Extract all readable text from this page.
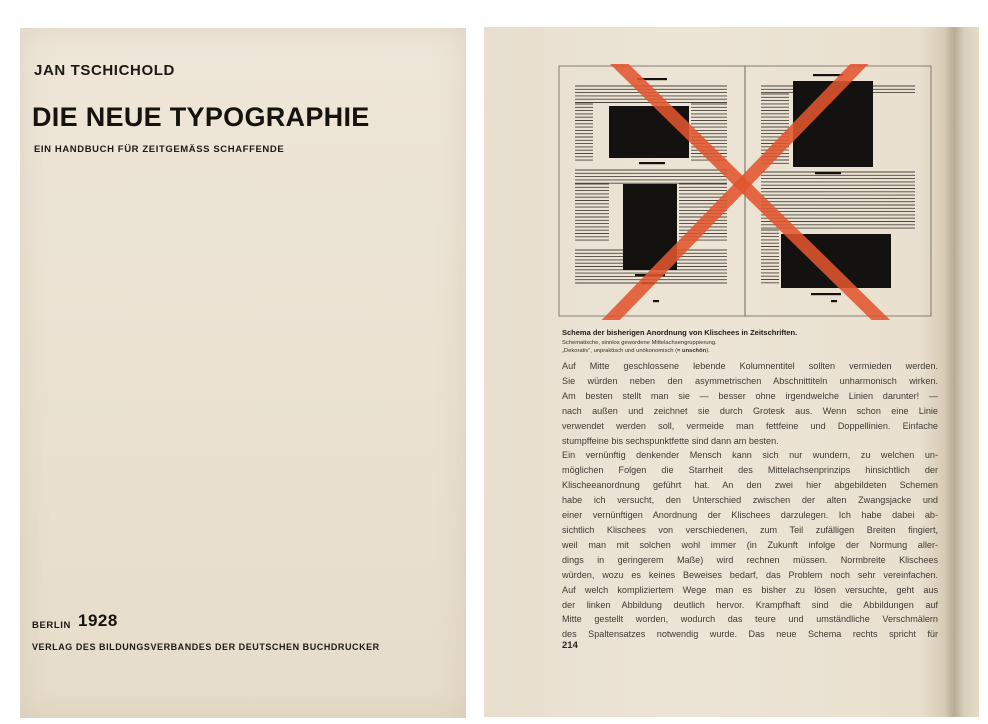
JAN TSCHICHOLD
DIE NEUE TYPOGRAPHIE
EIN HANDBUCH FÜR ZEITGEMÄSS SCHAFFENDE
BERLIN 1928
VERLAG DES BILDUNGSVERBANDES DER DEUTSCHEN BUCHDRUCKER
Schema der bisherigen Anordnung von Klischees in Zeitschriften.
Schematische, sinnlos gewordene Mittelachsengruppierung.
„Dekorativ“, unpraktisch und unökonomisch (= unschön).
Auf Mitte geschlossene lebende Kolumnentitel sollten vermieden werden.
Sie würden neben den asymmetrischen Abschnittiteln unharmonisch wirken.
Am besten stellt man sie — besser ohne irgendwelche Linien darunter! —
nach außen und zeichnet sie durch Grotesk aus. Wenn schon eine Linie
verwendet werden soll, vermeide man fettfeine und Doppellinien. Einfache
stumpffeine bis sechspunktfette sind dann am besten.
Ein vernünftig denkender Mensch kann sich nur wundern, zu welchen un-
möglichen Folgen die Starrheit des Mittelachsenprinzips hinsichtlich der
Klischeeanordnung geführt hat. An den zwei hier abgebildeten Schemen
habe ich versucht, den Unterschied zwischen der alten Zwangsjacke und
einer vernünftigen Anordnung der Klischees darzulegen. Ich habe dabei ab-
sichtlich Klischees von verschiedenen, zum Teil zufälligen Breiten fingiert,
weil man mit solchen wohl immer (in Zukunft infolge der Normung aller-
dings in geringerem Maße) wird rechnen müssen. Normbreite Klischees
würden, wozu es keines Beweises bedarf, das Problem noch sehr vereinfachen.
Auf welch kompliziertem Wege man es bisher zu lösen versuchte, geht aus
der linken Abbildung deutlich hervor. Krampfhaft sind die Abbildungen auf
Mitte gestellt worden, wodurch das teure und umständliche Verschmälern
des Spaltensatzes notwendig wurde. Das neue Schema rechts spricht für
214
